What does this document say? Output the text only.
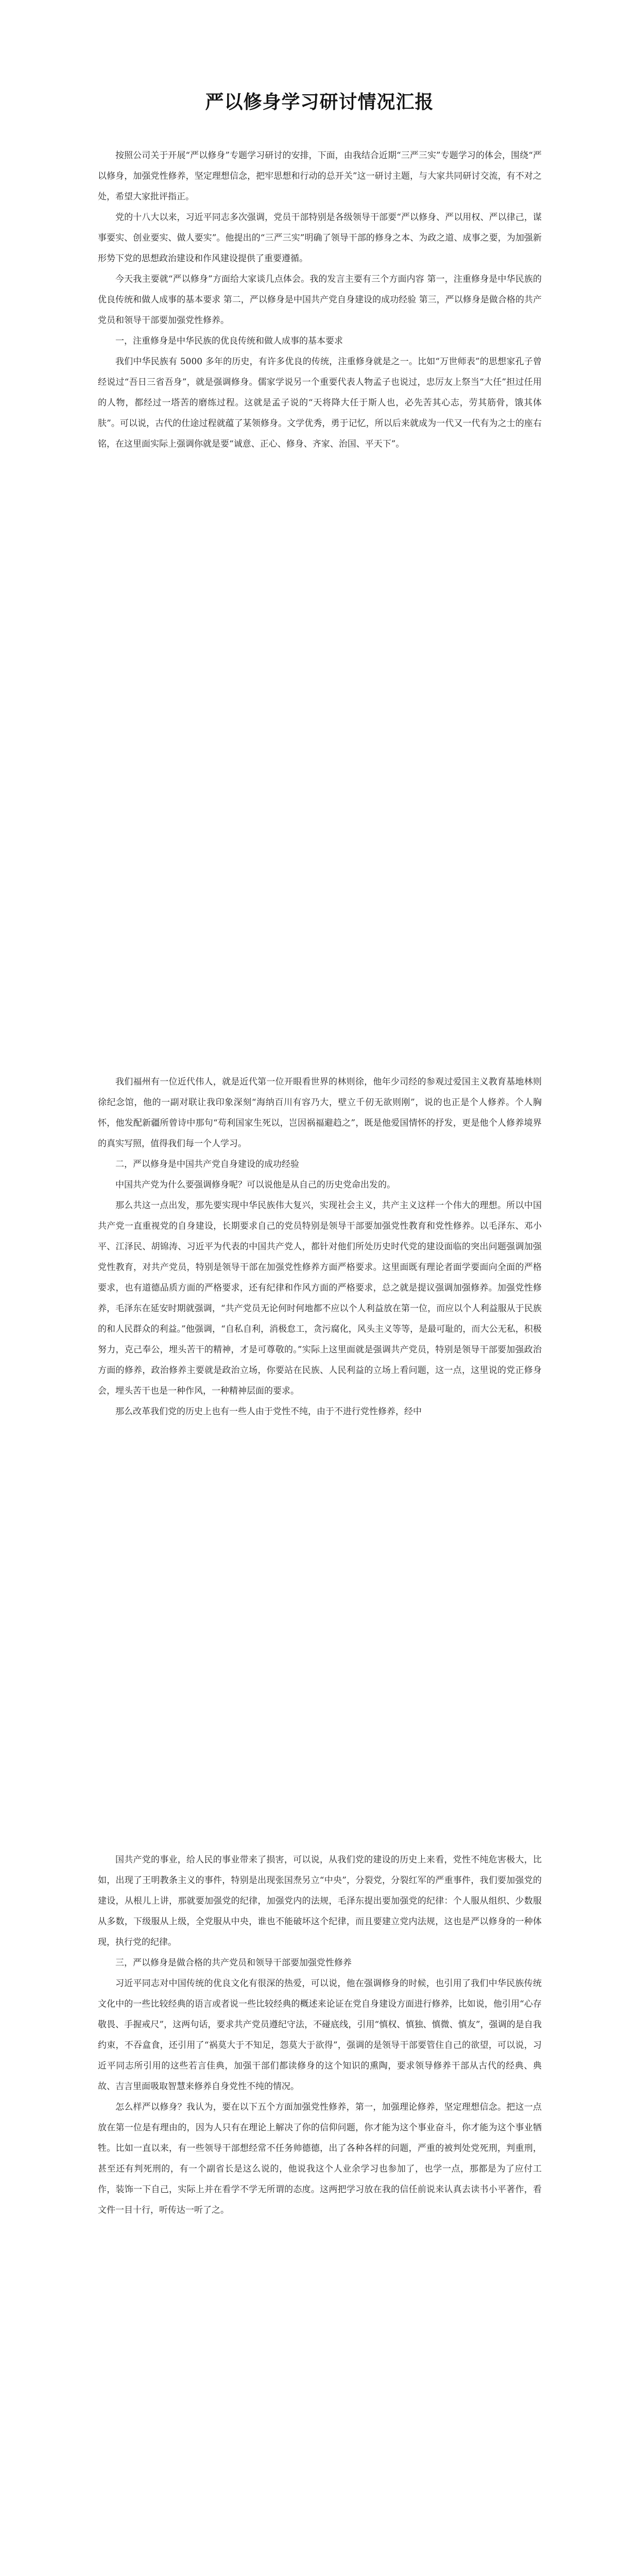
严以修身学习研讨情况汇报

按照公司关于开展“严以修身”专题学习研讨的安排，下面，由我结合近期“三严三实”专题学习的体会，围绕“严以修身，加强党性修养，坚定理想信念，把牢思想和行动的总开关”这一研讨主题，与大家共同研讨交流，有不对之处，希望大家批评指正。

党的十八大以来，习近平同志多次强调，党员干部特别是各级领导干部要“严以修身、严以用权、严以律己，谋事要实、创业要实、做人要实”。他提出的“三严三实”明确了领导干部的修身之本、为政之道、成事之要，为加强新形势下党的思想政治建设和作风建设提供了重要遵循。

今天我主要就“严以修身”方面给大家谈几点体会。我的发言主要有三个方面内容 第一，注重修身是中华民族的优良传统和做人成事的基本要求 第二，严以修身是中国共产党自身建设的成功经验 第三，严以修身是做合格的共产党员和领导干部要加强党性修养。

一，注重修身是中华民族的优良传统和做人成事的基本要求

我们中华民族有 5000 多年的历史，有许多优良的传统，注重修身就是之一。比如“万世师表”的思想家孔子曾经说过“吾日三省吾身”，就是强调修身。儒家学说另一个重要代表人物孟子也说过，忠厉友上祭当“大任”担过任用的人物，都经过一塔苦的磨练过程。这就是孟子说的“天将降大任于斯人也，必先苦其心志，劳其筋骨，饿其体肤”。可以说，古代的仕途过程就蕴了某领修身。文学优秀，勇于记忆，所以后来就成为一代又一代有为之士的座右铭，在这里面实际上强调你就是要“诚意、正心、修身、齐家、治国、平天下”。

我们福州有一位近代伟人，就是近代第一位开眼看世界的林则徐，他年少司经的参观过爱国主义教育基地林则徐纪念馆，他的一副对联让我印象深刻“海纳百川有容乃大，壁立千仞无欲则刚”，说的也正是个人修养。个人胸怀，他发配新疆所曾诗中那句“苟利国家生死以，岂因祸福避趋之”，既是他爱国情怀的抒发，更是他个人修养境界的真实写照，值得我们每一个人学习。

二，严以修身是中国共产党自身建设的成功经验

中国共产党为什么要强调修身呢？可以说他是从自己的历史党命出发的。

那么共这一点出发，那先要实现中华民族伟大复兴，实现社会主义，共产主义这样一个伟大的理想。所以中国共产党一直重视党的自身建设，长期要求自己的党员特别是领导干部要加强党性教育和党性修养。以毛泽东、邓小平、江泽民、胡锦涛、习近平为代表的中国共产党人，都针对他们所处历史时代党的建设面临的突出问题强调加强党性教育，对共产党员，特别是领导干部在加强党性修养方面严格要求。这里面既有理论者面学要面向全面的严格要求，也有道德品质方面的严格要求，还有纪律和作风方面的严格要求，总之就是提议强调加强修养。加强党性修养，毛泽东在延安时期就强调，“共产党员无论何时何地都不应以个人利益放在第一位，而应以个人利益服从于民族的和人民群众的利益。”他强调，“自私自利，消极怠工，贪污腐化，风头主义等等，是最可耻的，而大公无私，积极努力，克己奉公，埋头苦干的精神，才是可尊敬的。”实际上这里面就是强调共产党员，特别是领导干部要加强政治方面的修养，政治修养主要就是政治立场，你要站在民族、人民利益的立场上看问题，这一点，这里说的党正修身会，埋头苦干也是一种作风，一种精神层面的要求。

那么改革我们党的历史上也有一些人由于党性不纯，由于不进行党性修养，经中

国共产党的事业，给人民的事业带来了损害，可以说，从我们党的建设的历史上来看，党性不纯危害极大，比如，出现了王明教条主义的事件，特别是出现张国焘另立“中央”，分裂党，分裂红军的严重事件，我们要加强党的建设，从根儿上讲，那就要加强党的纪律，加强党内的法规，毛泽东提出要加强党的纪律：个人服从组织、少数服从多数，下级服从上级，全党服从中央，谁也不能破坏这个纪律，而且要建立党内法规，这也是严以修身的一种体现，执行党的纪律。

三，严以修身是做合格的共产党员和领导干部要加强党性修养

习近平同志对中国传统的优良文化有很深的热爱，可以说，他在强调修身的时候，也引用了我们中华民族传统文化中的一些比较经典的语言或者说一些比较经典的概述来论证在党自身建设方面进行修养，比如说，他引用“心存敬畏、手握戒尺”，这两句话，要求共产党员遵纪守法，不碰底线，引用“慎权、慎独、慎微、慎友”，强调的是自我约束，不吞盒食，还引用了“祸莫大于不知足，怨莫大于欲得”，强调的是领导干部要管住自己的欲望，可以说，习近平同志所引用的这些若言佳典，加强干部们都读修身的这个知识的熏陶，要求领导修养干部从古代的经典、典故、吉言里面吸取智慧来修养自身党性不纯的情况。

怎么样严以修身？我认为，要在以下五个方面加强党性修养，第一，加强理论修养，坚定理想信念。把这一点放在第一位是有理由的，因为人只有在理论上解决了你的信仰问题，你才能为这个事业奋斗，你才能为这个事业牺牲。比如一直以来，有一些领导干部想经常不任务帅德德，出了各种各样的问题，严重的被判处党死刑，判重刑，甚至还有判死刑的，有一个副省长是这么说的，他说我这个人业余学习也参加了，也学一点，那都是为了应付工作，装饰一下自己，实际上并在看学不学无所谓的态度。这两把学习放在我的信任前说来认真去读书小平著作，看文件一目十行，听传达一听了之。
